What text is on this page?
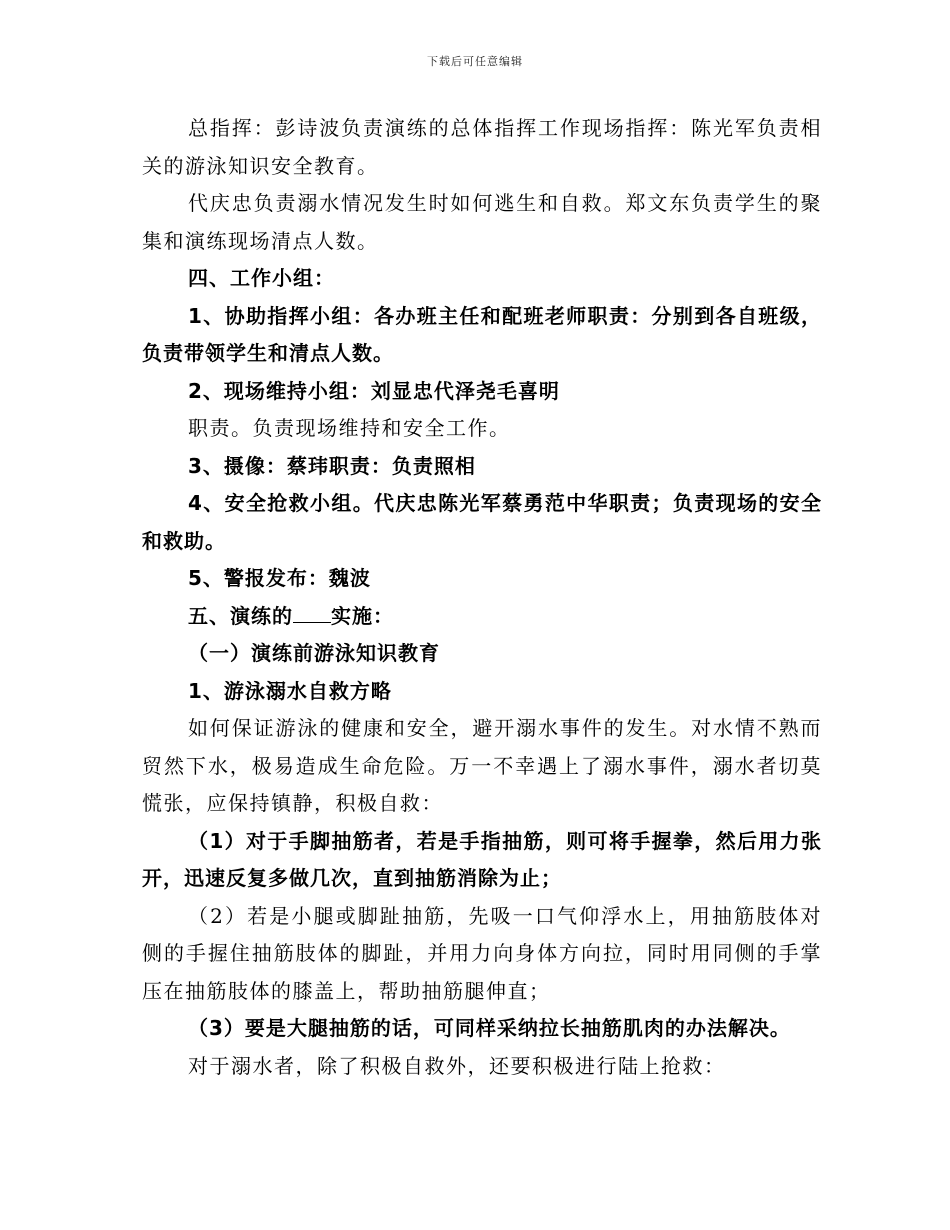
下载后可任意编辑

总指挥：彭诗波负责演练的总体指挥工作现场指挥：陈光军负责相关的游泳知识安全教育。

代庆忠负责溺水情况发生时如何逃生和自救。郑文东负责学生的聚集和演练现场清点人数。

四、工作小组：

1、协助指挥小组：各办班主任和配班老师职责：分别到各自班级，负责带领学生和清点人数。

2、现场维持小组：刘显忠代泽尧毛喜明

职责。负责现场维持和安全工作。

3、摄像：蔡玮职责：负责照相

4、安全抢救小组。代庆忠陈光军蔡勇范中华职责；负责现场的安全和救助。

5、警报发布：魏波

五、演练的 实施：

（一）演练前游泳知识教育

1、游泳溺水自救方略

如何保证游泳的健康和安全，避开溺水事件的发生。对水情不熟而贸然下水，极易造成生命危险。万一不幸遇上了溺水事件，溺水者切莫慌张，应保持镇静，积极自救：

（1）对于手脚抽筋者，若是手指抽筋，则可将手握拳，然后用力张开，迅速反复多做几次，直到抽筋消除为止；

（2）若是小腿或脚趾抽筋，先吸一口气仰浮水上，用抽筋肢体对侧的手握住抽筋肢体的脚趾，并用力向身体方向拉，同时用同侧的手掌压在抽筋肢体的膝盖上，帮助抽筋腿伸直；

（3）要是大腿抽筋的话，可同样采纳拉长抽筋肌肉的办法解决。

对于溺水者，除了积极自救外，还要积极进行陆上抢救：
